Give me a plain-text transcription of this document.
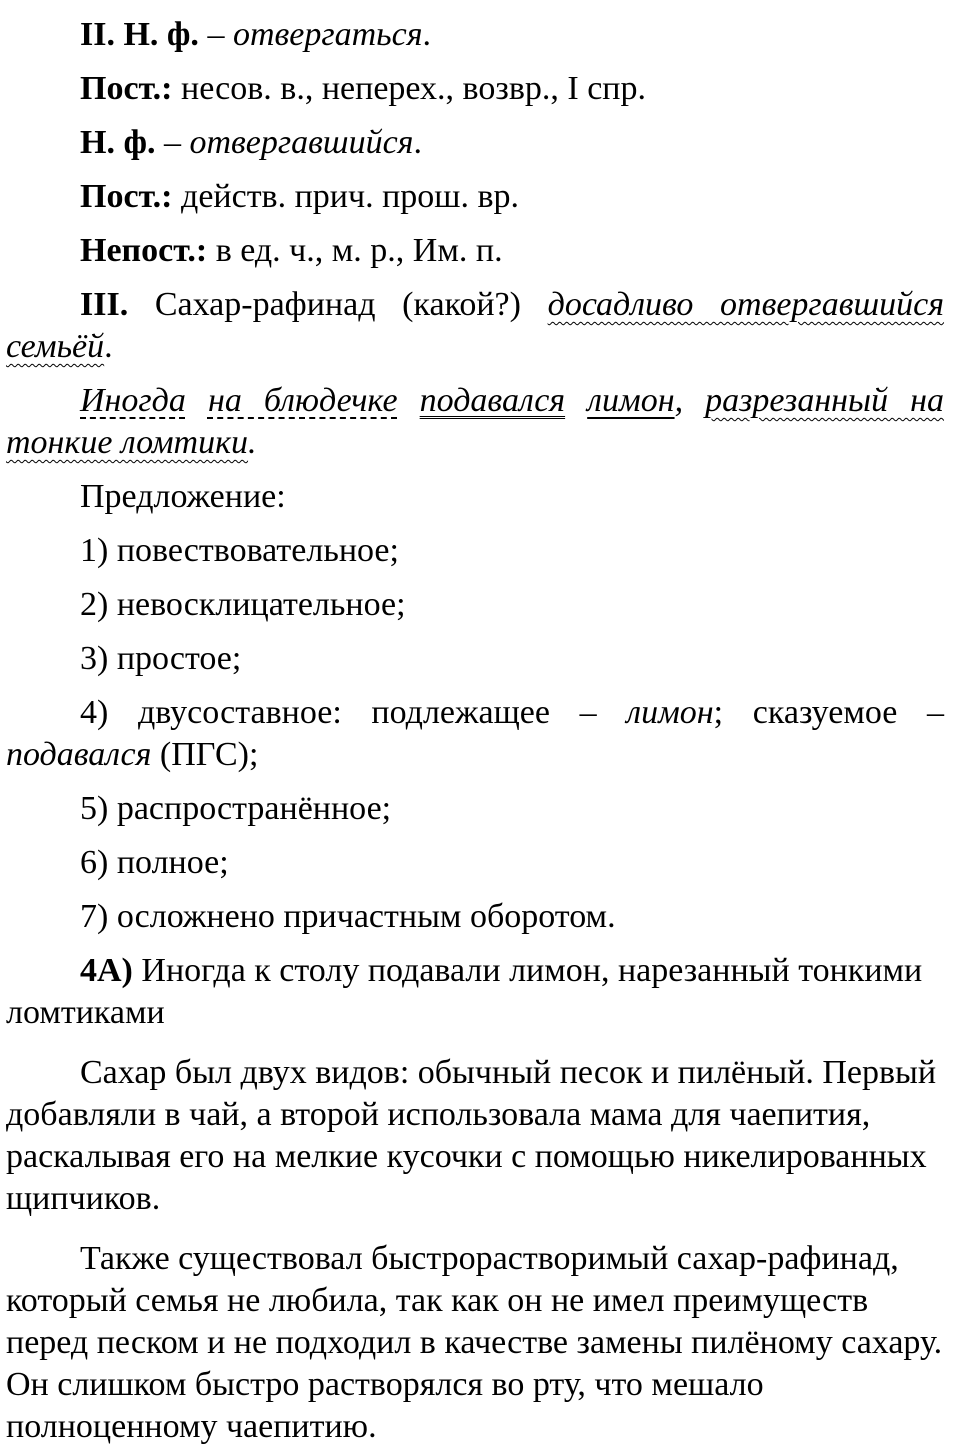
II. Н. ф. – отвергаться.

Пост.: несов. в., неперех., возвр., I спр.

Н. ф. – отвергавшийся.

Пост.: действ. прич. прош. вр.

Непост.: в ед. ч., м. р., Им. п.

III. Сахар-рафинад (какой?) досадливо отвергавшийся семьёй.

Иногда на блюдечке подавался лимон, разрезанный на тонкие ломтики.

Предложение:

1) повествовательное;

2) невосклицательное;

3) простое;

4) двусоставное: подлежащее – лимон; сказуемое – подавался (ПГС);

5) распространённое;

6) полное;

7) осложнено причастным оборотом.

4А) Иногда к столу подавали лимон, нарезанный тонкими ломтиками

Сахар был двух видов: обычный песок и пилёный. Первый добавляли в чай, а второй использовала мама для чаепития, раскалывая его на мелкие кусочки с помощью никелированных щипчиков.

Также существовал быстрорастворимый сахар-рафинад, который семья не любила, так как он не имел преимуществ перед песком и не подходил в качестве замены пилёному сахару. Он слишком быстро растворялся во рту, что мешало полноценному чаепитию.
